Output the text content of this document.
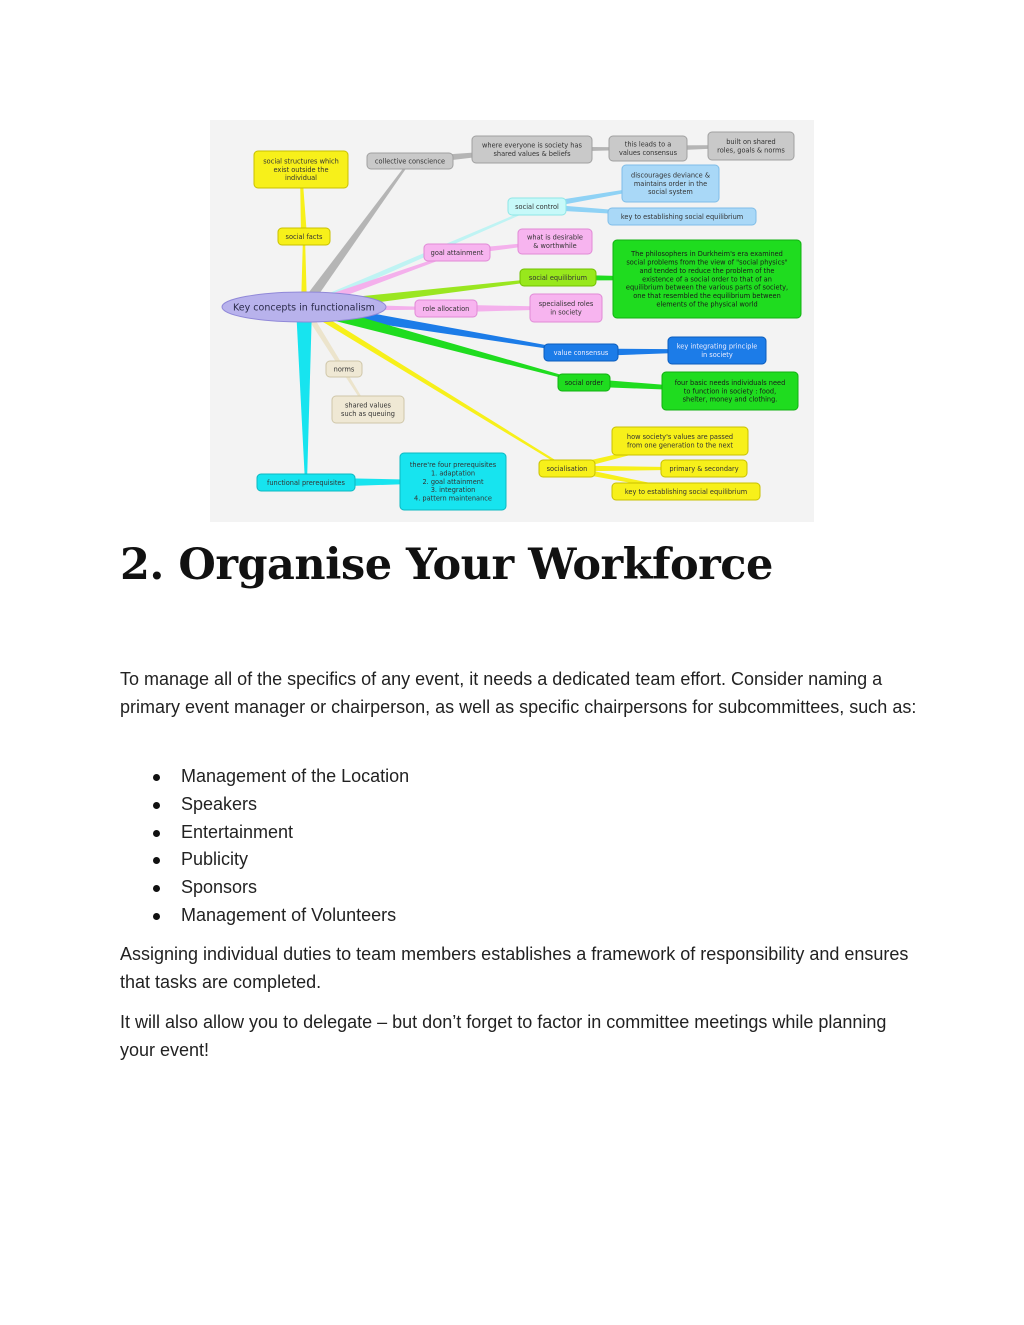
social structures which
exist outside the
individual
collective conscience
where everyone is society has
shared values & beliefs
this leads to a
values consensus
built on shared
roles, goals & norms
discourages deviance &
maintains order in the
social system
social control
key to establishing social equilibrium
social facts	what is desirable
& worthwhile
goal attainment	The philosophers in Durkheim's era examined
social problems from the view of "social physics"
and tended to reduce the problem of the
existence of a social order to that of an
equilibrium between the various parts of society,
one that resembled the equilibrium between
elements of the physical world
social equilibrium
role allocation
specialised roles
in society
value consensus
key integrating principle
in society
norms
social order	four basic needs individuals need
to function in society : food,
shelter, money and clothing.
shared values
such as queuing
how society's values are passed
from one generation to the next
there're four prerequisites
1. adaptation
2. goal attainment
3. integration
4. pattern maintenance
socialisation	primary & secondary
functional prerequisites
key to establishing social equilibrium
Key concepts in functionalism
2. Organise Your Workforce

To manage all of the specifics of any event, it needs a dedicated team effort. Consider naming a primary event manager or chairperson, as well as specific chairpersons for subcommittees, such as:

Management of the Location
Speakers
Entertainment
Publicity
Sponsors
Management of Volunteers

Assigning individual duties to team members establishes a framework of responsibility and ensures that tasks are completed.

It will also allow you to delegate – but don’t forget to factor in committee meetings while planning your event!
